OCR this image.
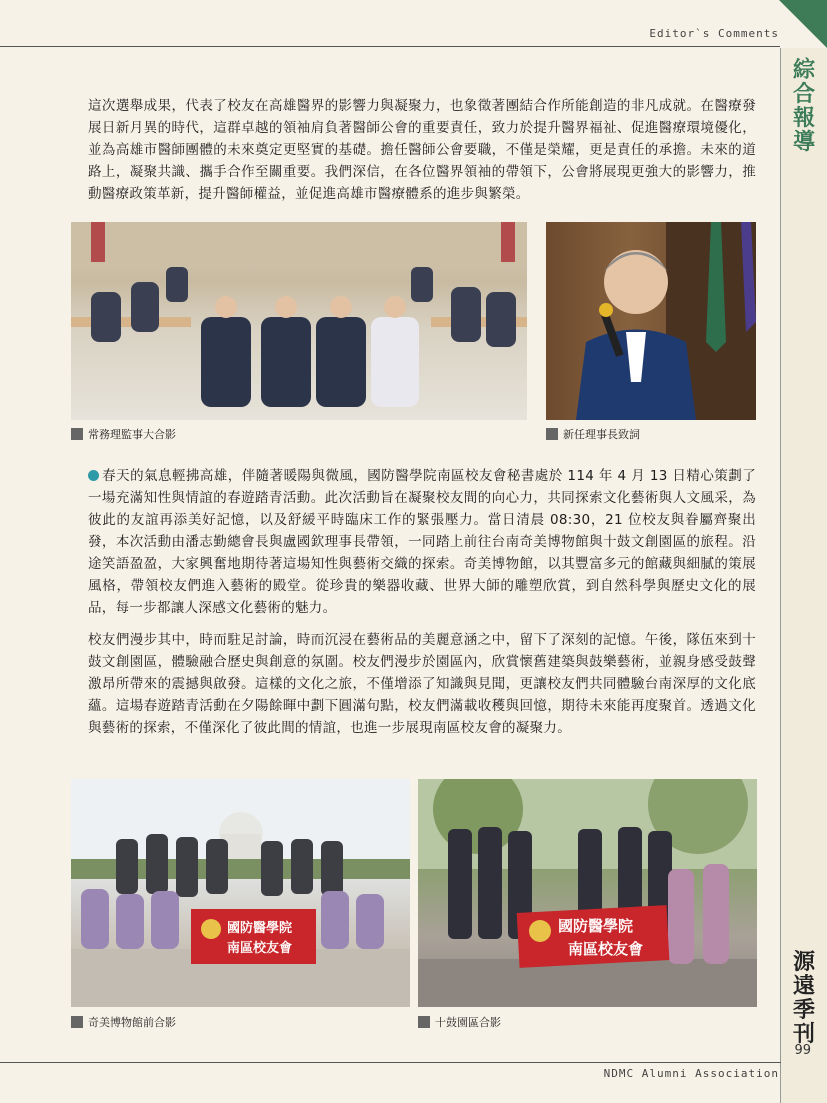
Editor`s Comments
綜合報導
源遠季刊
99

這次選舉成果，代表了校友在高雄醫界的影響力與凝聚力，也象徵著團結合作所能創造的非凡成就。在醫療發展日新月異的時代，這群卓越的領袖肩負著醫師公會的重要責任，致力於提升醫界福祉、促進醫療環境優化，並為高雄市醫師團體的未來奠定更堅實的基礎。擔任醫師公會要職，不僅是榮耀，更是責任的承擔。未來的道路上，凝聚共識、攜手合作至關重要。我們深信，在各位醫界領袖的帶領下，公會將展現更強大的影響力，推動醫療政策革新，提升醫師權益，並促進高雄市醫療體系的進步與繁榮。

常務理監事大合影	新任理事長致詞

春天的氣息輕拂高雄，伴隨著暖陽與微風，國防醫學院南區校友會秘書處於 114 年 4 月 13 日精心策劃了一場充滿知性與情誼的春遊踏青活動。此次活動旨在凝聚校友間的向心力，共同探索文化藝術與人文風采，為彼此的友誼再添美好記憶，以及舒緩平時臨床工作的緊張壓力。當日清晨 08:30，21 位校友與眷屬齊聚出發，本次活動由潘志勤總會長與盧國欽理事長帶領，一同踏上前往台南奇美博物館與十鼓文創園區的旅程。沿途笑語盈盈，大家興奮地期待著這場知性與藝術交織的探索。奇美博物館，以其豐富多元的館藏與細膩的策展風格，帶領校友們進入藝術的殿堂。從珍貴的樂器收藏、世界大師的雕塑欣賞，到自然科學與歷史文化的展品，每一步都讓人深感文化藝術的魅力。

校友們漫步其中，時而駐足討論，時而沉浸在藝術品的美麗意涵之中，留下了深刻的記憶。午後，隊伍來到十鼓文創園區，體驗融合歷史與創意的氛圍。校友們漫步於園區內，欣賞懷舊建築與鼓樂藝術，並親身感受鼓聲激昂所帶來的震撼與啟發。這樣的文化之旅，不僅增添了知識與見聞，更讓校友們共同體驗台南深厚的文化底蘊。這場春遊踏青活動在夕陽餘暉中劃下圓滿句點，校友們滿載收穫與回憶，期待未來能再度聚首。透過文化與藝術的探索，不僅深化了彼此間的情誼，也進一步展現南區校友會的凝聚力。

國防醫學院
南區校友會
奇美博物館前合影
國防醫學院
南區校友會
十鼓園區合影
NDMC Alumni Association
